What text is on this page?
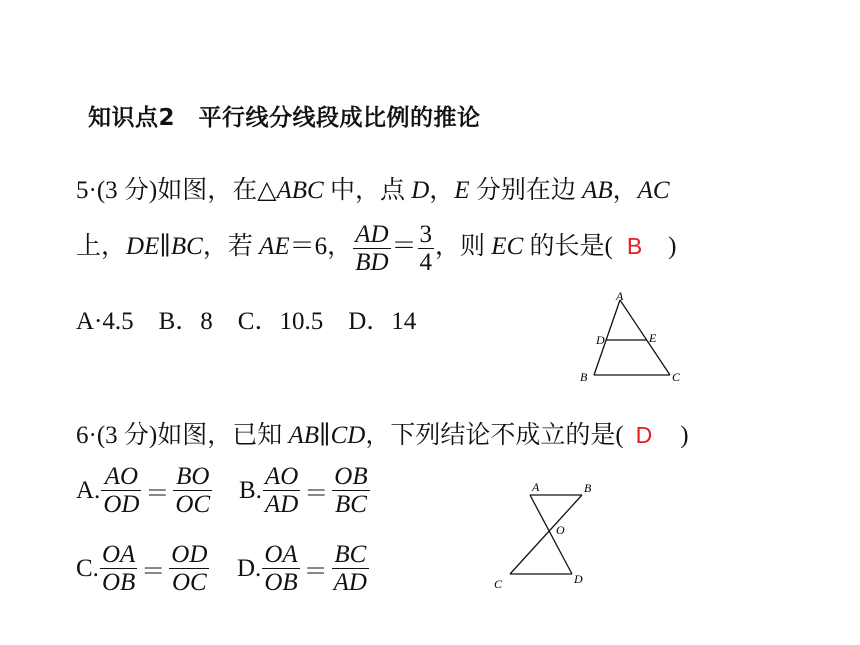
知识点2　平行线分线段成比例的推论
5·(3 分)如图，在△ABC 中，点 D，E 分别在边 AB，AC
上，DE∥BC，若 AE＝6， $\frac{AD}{BD} = \frac{3}{4}$ ，则 EC 的长是( B )
A·4.5　B．8　C．10.5　D．14
A
D	E
B	C
6·(3 分)如图，已知 AB∥CD，下列结论不成立的是( D )
A. $\frac{AO}{OD} = \frac{BO}{OC} B$. $\frac{AO}{AD} = \frac{OB}{BC}$
C. $\frac{OA}{OB} = \frac{OD}{OC} D$. $\frac{OA}{OB} = \frac{BC}{AD}$
A	B
O
C	D
